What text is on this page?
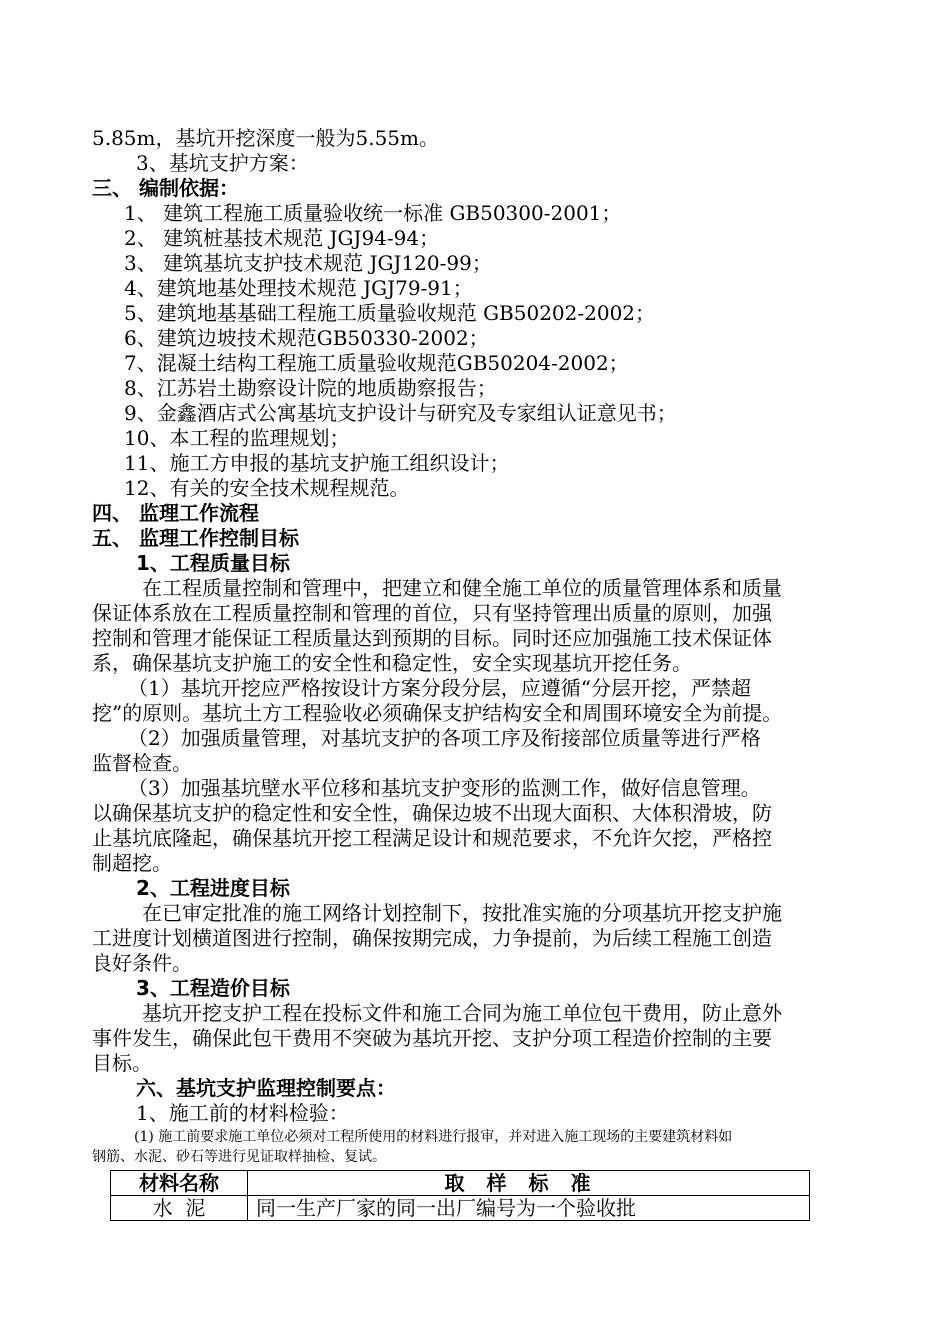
5.85m，基坑开挖深度一般为5.55m。
3、基坑支护方案：
三、 编制依据：
1、 建筑工程施工质量验收统一标准 GB50300-2001；
2、 建筑桩基技术规范 JGJ94-94；
3、 建筑基坑支护技术规范 JGJ120-99；
4、建筑地基处理技术规范 JGJ79-91；
5、建筑地基基础工程施工质量验收规范 GB50202-2002；
6、建筑边坡技术规范GB50330-2002；
7、混凝土结构工程施工质量验收规范GB50204-2002；
8、江苏岩土勘察设计院的地质勘察报告；
9、金鑫酒店式公寓基坑支护设计与研究及专家组认证意见书；
10、本工程的监理规划；
11、施工方申报的基坑支护施工组织设计；
12、有关的安全技术规程规范。
四、 监理工作流程
五、 监理工作控制目标
1、工程质量目标
在工程质量控制和管理中，把建立和健全施工单位的质量管理体系和质量
保证体系放在工程质量控制和管理的首位，只有坚持管理出质量的原则，加强
控制和管理才能保证工程质量达到预期的目标。同时还应加强施工技术保证体
系，确保基坑支护施工的安全性和稳定性，安全实现基坑开挖任务。
（1）基坑开挖应严格按设计方案分段分层，应遵循“分层开挖，严禁超
挖”的原则。基坑土方工程验收必须确保支护结构安全和周围环境安全为前提。
（2）加强质量管理，对基坑支护的各项工序及衔接部位质量等进行严格
监督检查。
（3）加强基坑壁水平位移和基坑支护变形的监测工作，做好信息管理。
以确保基坑支护的稳定性和安全性，确保边坡不出现大面积、大体积滑坡，防
止基坑底隆起，确保基坑开挖工程满足设计和规范要求，不允许欠挖，严格控
制超挖。
2、工程进度目标
在已审定批准的施工网络计划控制下，按批准实施的分项基坑开挖支护施
工进度计划横道图进行控制，确保按期完成，力争提前，为后续工程施工创造
良好条件。
3、工程造价目标
基坑开挖支护工程在投标文件和施工合同为施工单位包干费用，防止意外
事件发生，确保此包干费用不突破为基坑开挖、支护分项工程造价控制的主要
目标。
六、基坑支护监理控制要点：
1、施工前的材料检验：
(1) 施工前要求施工单位必须对工程所使用的材料进行报审，并对进入施工现场的主要建筑材料如
钢筋、水泥、砂石等进行见证取样抽检、复试。
材料名称	取样标准
水  泥	同一生产厂家的同一出厂编号为一个验收批
